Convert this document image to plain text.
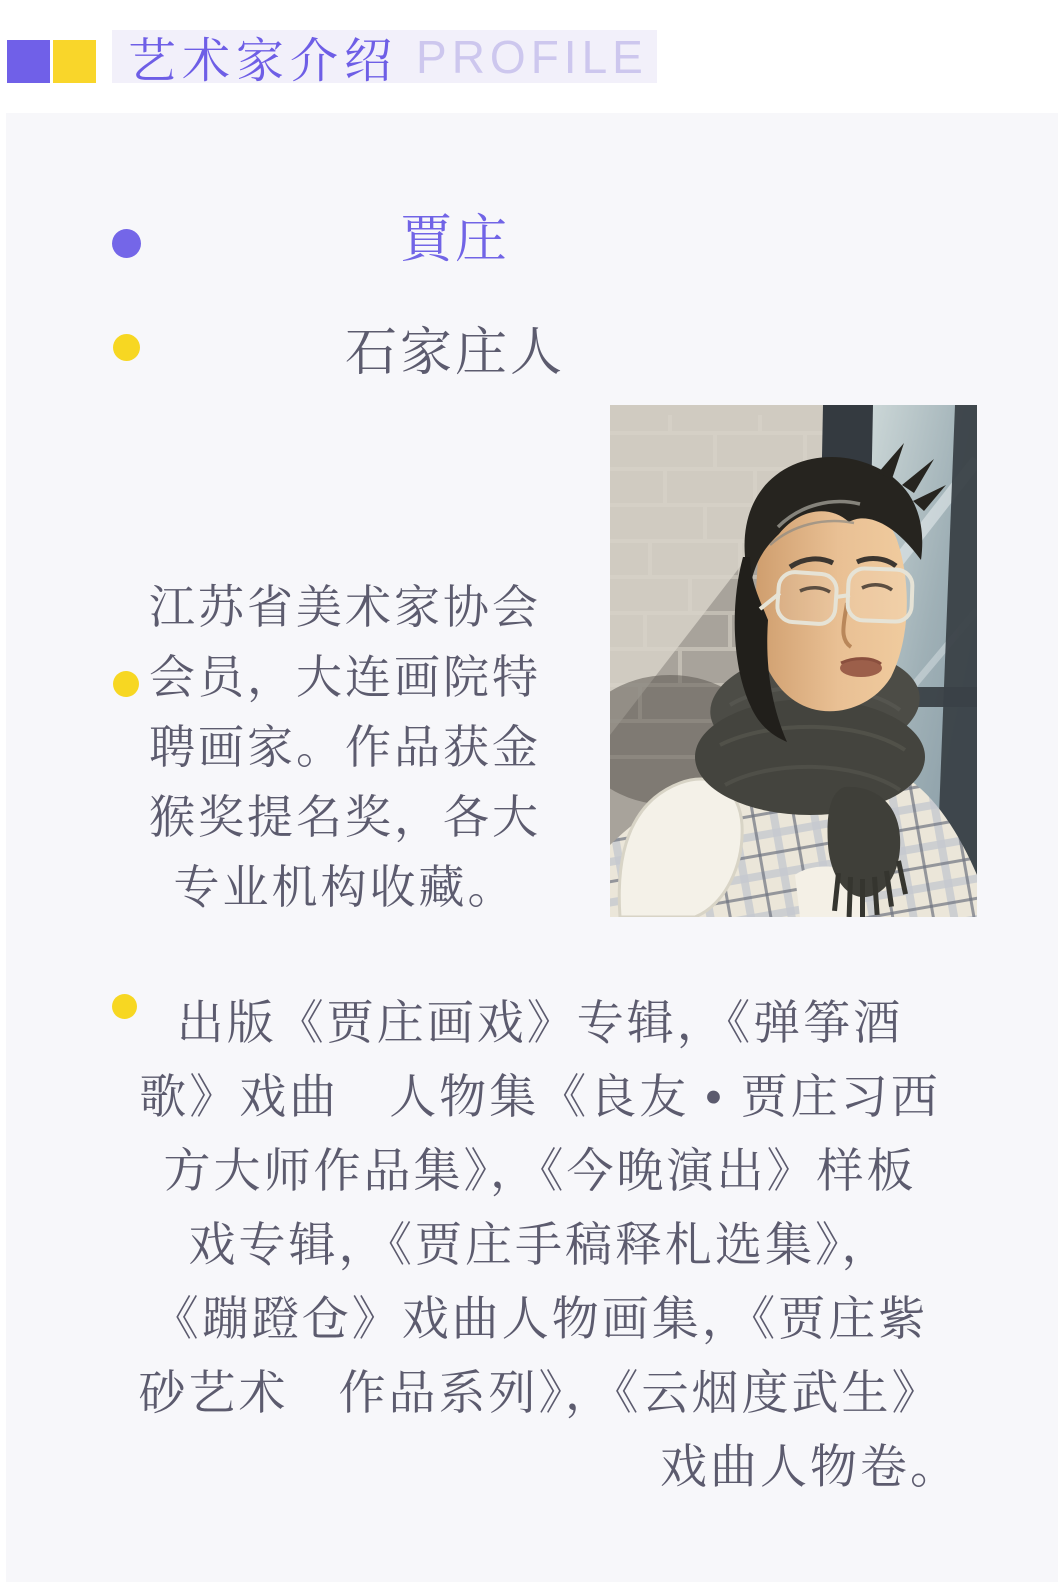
艺术家介绍 PROFILE
賈庄
石家庄人
江苏省美术家协会
会员，大连画院特
聘画家。作品获金
猴奖提名奖，各大
专业机构收藏。
出版《贾庄画戏》专辑，《弹筝酒
歌》戏曲　人物集《良友 • 贾庄习西
方大师作品集》，《今晚演出》样板
戏专辑，《贾庄手稿释札选集》，
《蹦蹬仓》戏曲人物画集，《贾庄紫
砂艺术　作品系列》，《云烟度武生》
戏曲人物卷。
